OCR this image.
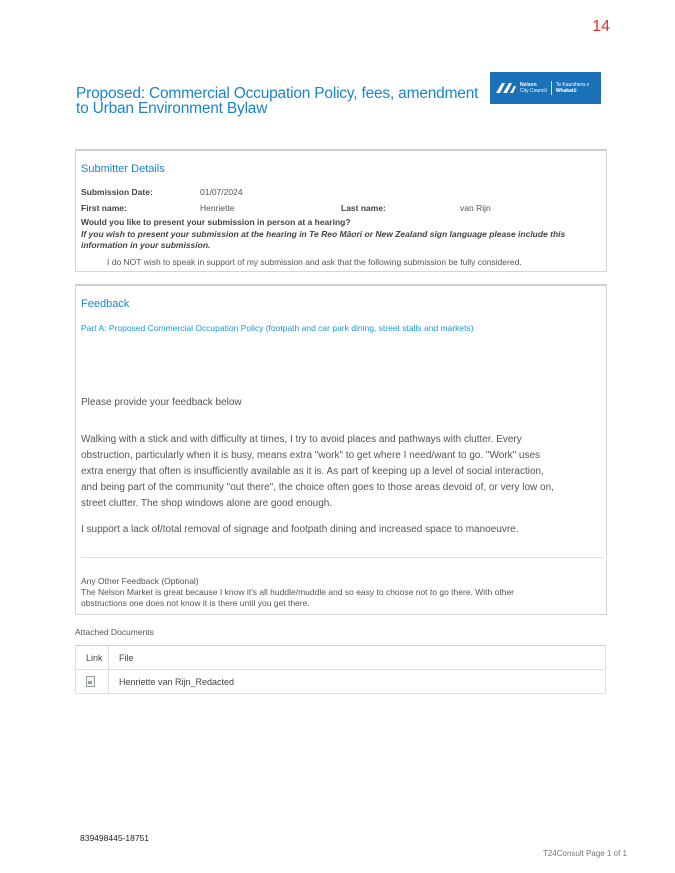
14
Proposed: Commercial Occupation Policy, fees, amendment to Urban Environment Bylaw
Nelson
City Council
Te Kaunihera o
Whakatū
Submitter Details
Submission Date:	01/07/2024
First name:	Henriette	Last name:	van Rijn
Would you like to present your submission in person at a hearing?
If you wish to present your submission at the hearing in Te Reo Māori or New Zealand sign language please include this information in your submission.
I do NOT wish to speak in support of my submission and ask that the following submission be fully considered.
Feedback
Part A: Proposed Commercial Occupation Policy (footpath and car park dining, street stalls and markets)
Please provide your feedback below
Walking with a stick and with difficulty at times, I try to avoid places and pathways with clutter. Every obstruction, particularly when it is busy, means extra "work" to get where I need/want to go. "Work" uses extra energy that often is insufficiently available as it is. As part of keeping up a level of social interaction, and being part of the community "out there", the choice often goes to those areas devoid of, or very low on, street clutter. The shop windows alone are good enough.
I support a lack of/total removal of signage and footpath dining and increased space to manoeuvre.
Any Other Feedback (Optional)
The Nelson Market is great because I know it's all huddle/muddle and so easy to choose not to go there. With other obstructions one does not know it is there until you get there.
Attached Documents
Link	File
	Henriette van Rijn_Redacted
839498445-18751
T24Consult Page 1 of 1
